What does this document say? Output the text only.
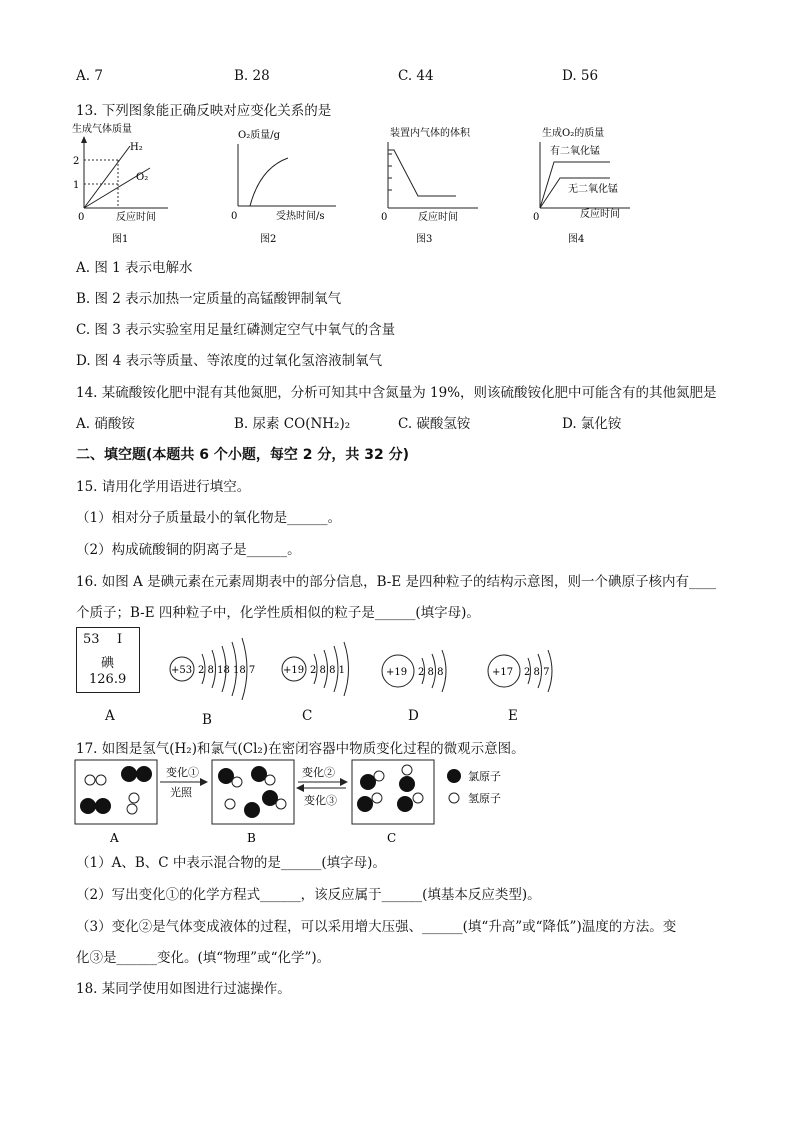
A. 7	B. 28	C. 44	D. 56
13. 下列图象能正确反映对应变化关系的是
生成气体质量
2
1
0
H₂
O₂
反应时间
图1
O₂质量/g
0	受热时间/s
图2
装置内气体的体积
0	反应时间
图3
生成O₂的质量
有二氧化锰
无二氧化锰
0	反应时间
图4
A. 图 1 表示电解水
B. 图 2 表示加热一定质量的高锰酸钾制氧气
C. 图 3 表示实验室用足量红磷测定空气中氧气的含量
D. 图 4 表示等质量、等浓度的过氧化氢溶液制氧气
14. 某硫酸铵化肥中混有其他氮肥，分析可知其中含氮量为 19%，则该硫酸铵化肥中可能含有的其他氮肥是
A. 硝酸铵	B. 尿素 CO(NH₂)₂	C. 碳酸氢铵	D. 氯化铵
二、填空题(本题共 6 个小题，每空 2 分，共 32 分)
15. 请用化学用语进行填空。
（1）相对分子质量最小的氧化物是______。
（2）构成硫酸铜的阴离子是______。
16. 如图 A 是碘元素在元素周期表中的部分信息，B-E 是四种粒子的结构示意图，则一个碘原子核内有____
个质子；B-E 四种粒子中，化学性质相似的粒子是______(填字母)。
53 I
碘
126.9
+53 2 8 18 18 7	+19 2 8 8 1	+19 2 8 8	+17 2 8 7
A	B	C	D	E
17. 如图是氢气(H₂)和氯气(Cl₂)在密闭容器中物质变化过程的微观示意图。
变化①
光照
变化②
变化③
氯原子
氢原子
A	B	C
（1）A、B、C 中表示混合物的是______(填字母)。
（2）写出变化①的化学方程式______，该反应属于______(填基本反应类型)。
（3）变化②是气体变成液体的过程，可以采用增大压强、______(填“升高”或“降低”)温度的方法。变
化③是______变化。(填“物理”或“化学”)。
18. 某同学使用如图进行过滤操作。
